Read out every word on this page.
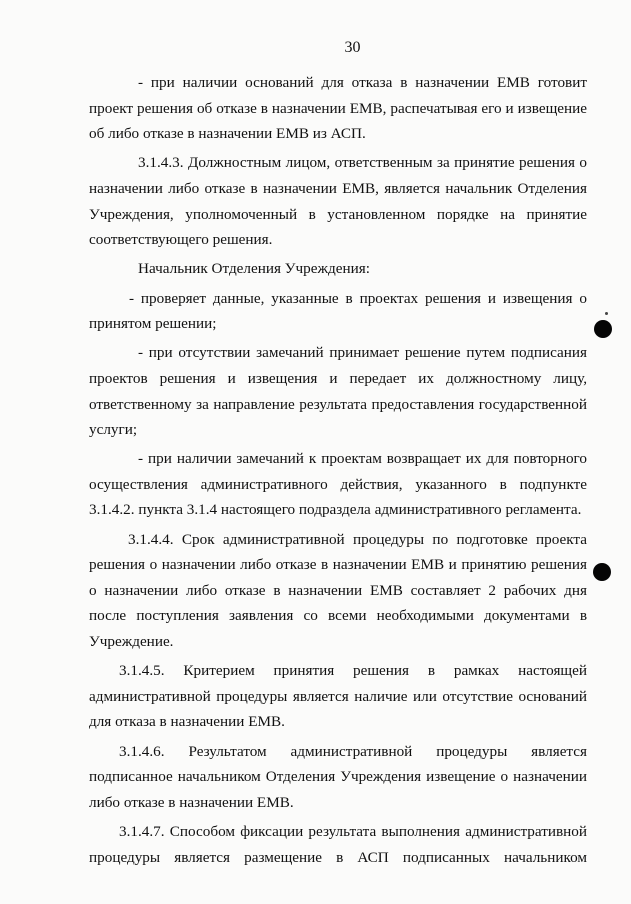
30

- при наличии оснований для отказа в назначении ЕМВ готовит проект решения об отказе в назначении ЕМВ, распечатывая его и извещение об либо отказе в назначении ЕМВ из АСП.

3.1.4.3. Должностным лицом, ответственным за принятие решения о назначении либо отказе в назначении ЕМВ, является начальник Отделения Учреждения, уполномоченный в установленном порядке на принятие соответствующего решения.

Начальник Отделения Учреждения:

- проверяет данные, указанные в проектах решения и извещения о принятом решении;

- при отсутствии замечаний принимает решение путем подписания проектов решения и извещения и передает их должностному лицу, ответственному за направление результата предоставления государственной услуги;

- при наличии замечаний к проектам возвращает их для повторного осуществления административного действия, указанного в подпункте 3.1.4.2. пункта 3.1.4 настоящего подраздела административного регламента.

3.1.4.4. Срок административной процедуры по подготовке проекта решения о назначении либо отказе в назначении ЕМВ и принятию решения о назначении либо отказе в назначении ЕМВ составляет 2 рабочих дня после поступления заявления со всеми необходимыми документами в Учреждение.

3.1.4.5. Критерием принятия решения в рамках настоящей административной процедуры является наличие или отсутствие оснований для отказа в назначении ЕМВ.

3.1.4.6. Результатом административной процедуры является подписанное начальником Отделения Учреждения извещение о назначении либо отказе в назначении ЕМВ.

3.1.4.7. Способом фиксации результата выполнения административной процедуры является размещение в АСП подписанных начальником
